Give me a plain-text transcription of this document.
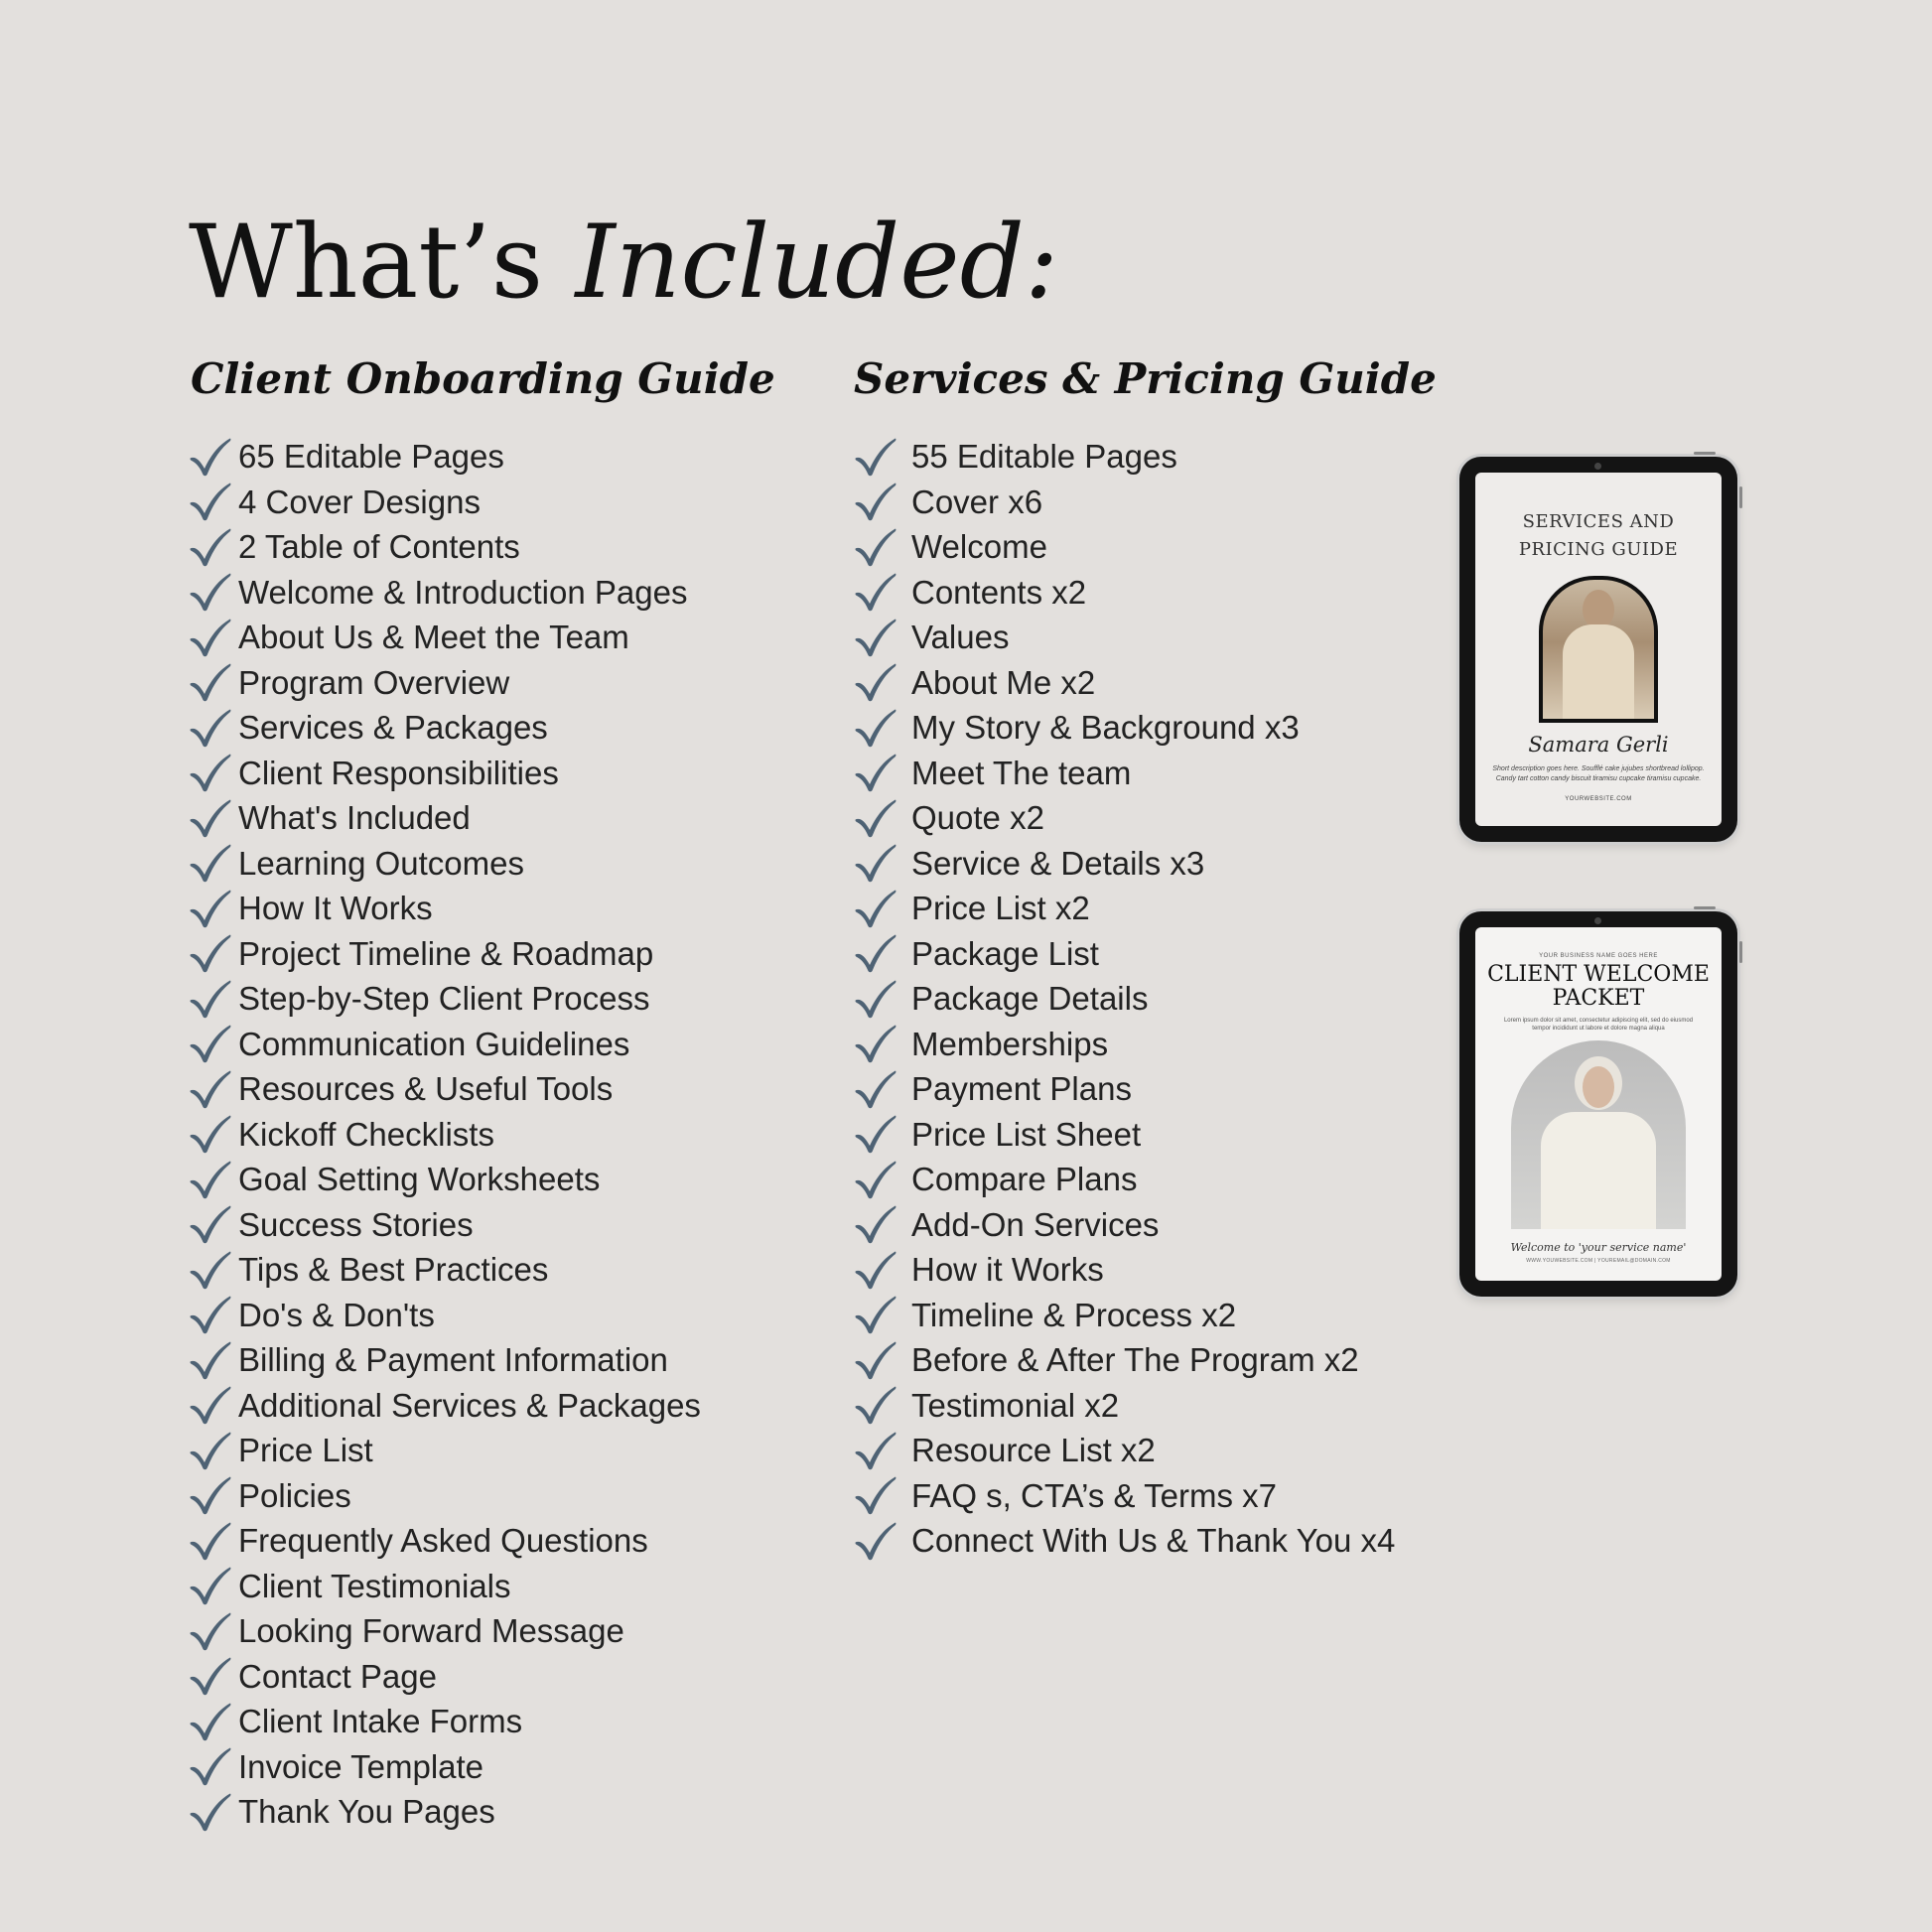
What’s Included:
Client Onboarding Guide Services & Pricing Guide
65 Editable Pages
4 Cover Designs
2 Table of Contents
Welcome & Introduction Pages
About Us & Meet the Team
Program Overview
Services & Packages
Client Responsibilities
What's Included
Learning Outcomes
How It Works
Project Timeline & Roadmap
Step-by-Step Client Process
Communication Guidelines
Resources & Useful Tools
Kickoff Checklists
Goal Setting Worksheets
Success Stories
Tips & Best Practices
Do's & Don'ts
Billing & Payment Information
Additional Services & Packages
Price List
Policies
Frequently Asked Questions
Client Testimonials
Looking Forward Message
Contact Page
Client Intake Forms
Invoice Template
Thank You Pages
55 Editable Pages
Cover x6
Welcome
Contents x2
Values
About Me x2
My Story & Background x3
Meet The team
Quote x2
Service & Details x3
Price List x2
Package List
Package Details
Memberships
Payment Plans
Price List Sheet
Compare Plans
Add-On Services
How it Works
Timeline & Process x2
Before & After The Program x2
Testimonial x2
Resource List x2
FAQ s, CTA’s & Terms x7
Connect With Us & Thank You x4
SERVICES AND
PRICING GUIDE
Samara Gerli
Short description goes here. Soufflé cake jujubes shortbread lollipop. Candy tart cotton candy biscuit tiramisu cupcake tiramisu cupcake.
YOURWEBSITE.COM
YOUR BUSINESS NAME GOES HERE
CLIENT WELCOME
PACKET
Lorem ipsum dolor sit amet, consectetur adipiscing elit, sed do eiusmod tempor incididunt ut labore et dolore magna aliqua
Welcome to 'your service name'
WWW.YOUWEBSITE.COM | YOUREMAIL@DOMAIN.COM
